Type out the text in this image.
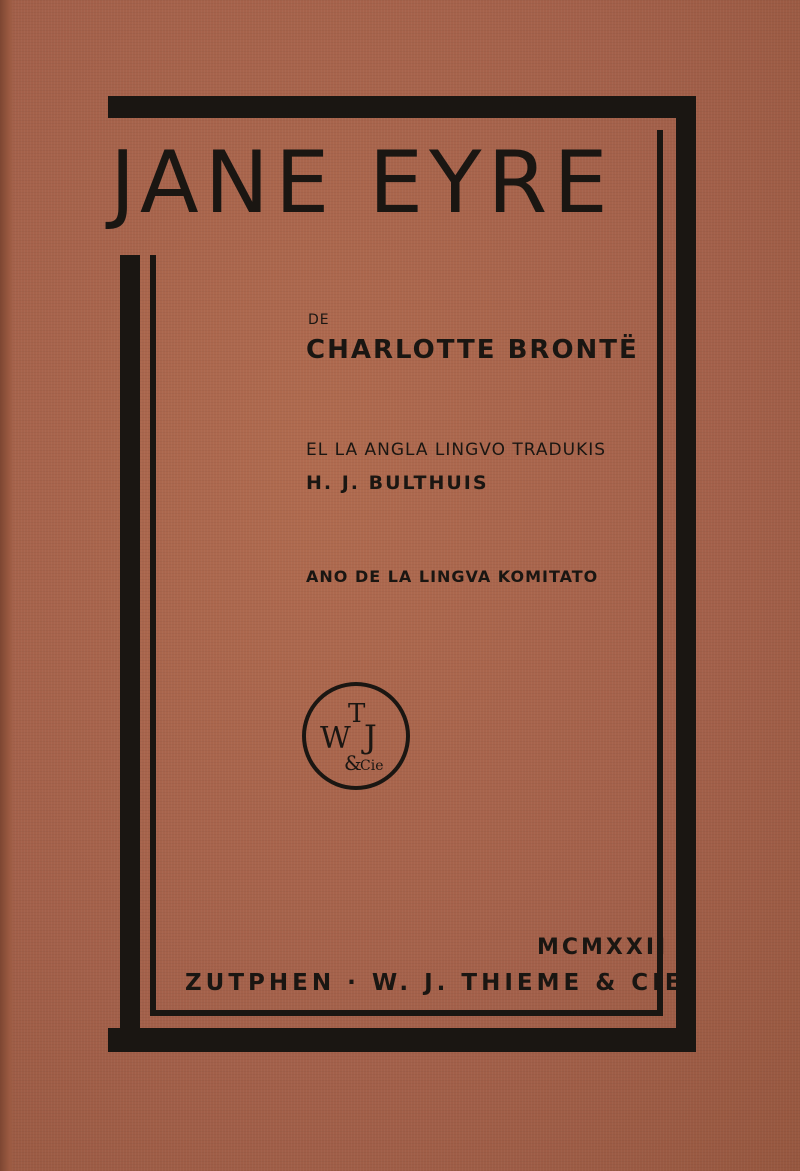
JANE EYRE
DE
CHARLOTTE BRONTË
EL LA ANGLA LINGVO TRADUKIS
H. J. BULTHUIS
ANO DE LA LINGVA KOMITATO
W J
T
&
Cie
MCMXXII
ZUTPHEN · W. J. THIEME & CIE
